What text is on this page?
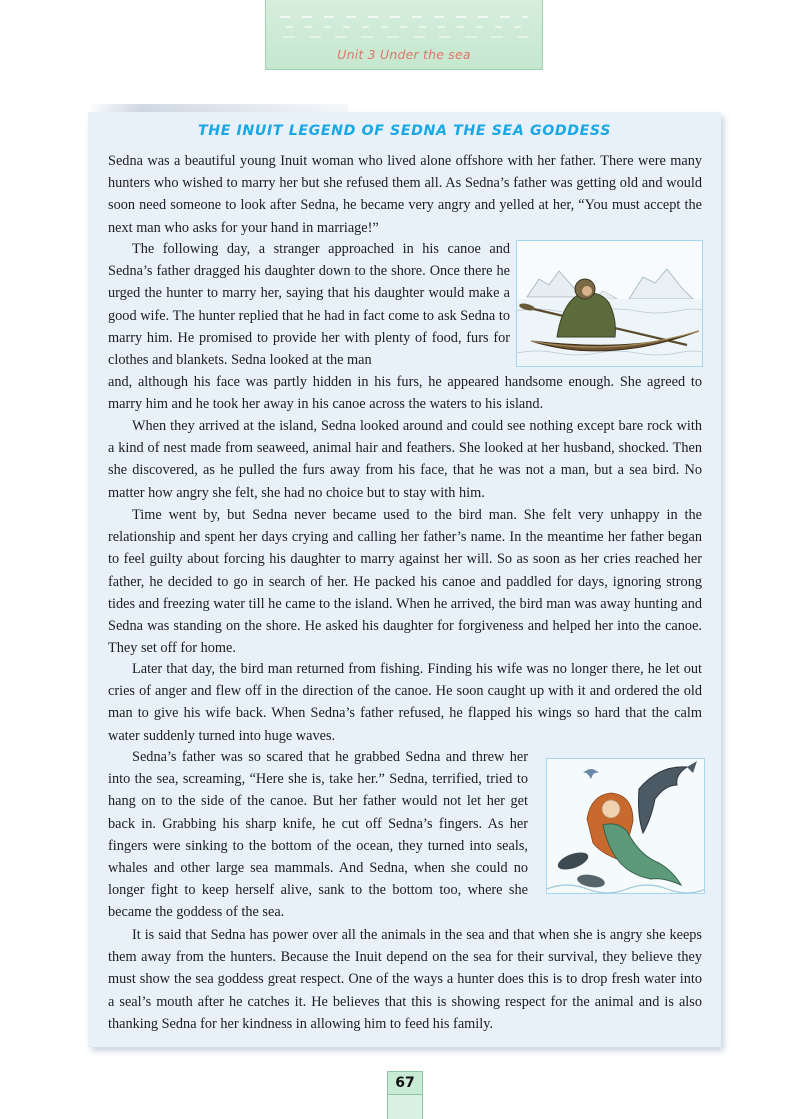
Unit 3 Under the sea
THE INUIT LEGEND OF SEDNA THE SEA GODDESS

Sedna was a beautiful young Inuit woman who lived alone offshore with her father. There were many hunters who wished to marry her but she refused them all. As Sedna’s father was getting old and would soon need someone to look after Sedna, he became very angry and yelled at her, “You must accept the next man who asks for your hand in marriage!”

The following day, a stranger approached in his canoe and Sedna’s father dragged his daughter down to the shore. Once there he urged the hunter to marry her, saying that his daughter would make a good wife. The hunter replied that he had in fact come to ask Sedna to marry him. He promised to provide her with plenty of food, furs for clothes and blankets. Sedna looked at the man

and, although his face was partly hidden in his furs, he appeared handsome enough. She agreed to marry him and he took her away in his canoe across the waters to his island.

When they arrived at the island, Sedna looked around and could see nothing except bare rock with a kind of nest made from seaweed, animal hair and feathers. She looked at her husband, shocked. Then she discovered, as he pulled the furs away from his face, that he was not a man, but a sea bird. No matter how angry she felt, she had no choice but to stay with him.

Time went by, but Sedna never became used to the bird man. She felt very unhappy in the relationship and spent her days crying and calling her father’s name. In the meantime her father began to feel guilty about forcing his daughter to marry against her will. So as soon as her cries reached her father, he decided to go in search of her. He packed his canoe and paddled for days, ignoring strong tides and freezing water till he came to the island. When he arrived, the bird man was away hunting and Sedna was standing on the shore. He asked his daughter for forgiveness and helped her into the canoe. They set off for home.

Later that day, the bird man returned from fishing. Finding his wife was no longer there, he let out cries of anger and flew off in the direction of the canoe. He soon caught up with it and ordered the old man to give his wife back. When Sedna’s father refused, he flapped his wings so hard that the calm water suddenly turned into huge waves.

Sedna’s father was so scared that he grabbed Sedna and threw her into the sea, screaming, “Here she is, take her.” Sedna, terrified, tried to hang on to the side of the canoe. But her father would not let her get back in. Grabbing his sharp knife, he cut off Sedna’s fingers. As her fingers were sinking to the bottom of the ocean, they turned into seals, whales and other large sea mammals. And Sedna, when she could no longer fight to keep herself alive, sank to the bottom too, where she became the goddess of the sea.

It is said that Sedna has power over all the animals in the sea and that when she is angry she keeps them away from the hunters. Because the Inuit depend on the sea for their survival, they believe they must show the sea goddess great respect. One of the ways a hunter does this is to drop fresh water into a seal’s mouth after he catches it. He believes that this is showing respect for the animal and is also thanking Sedna for her kindness in allowing him to feed his family.

67
